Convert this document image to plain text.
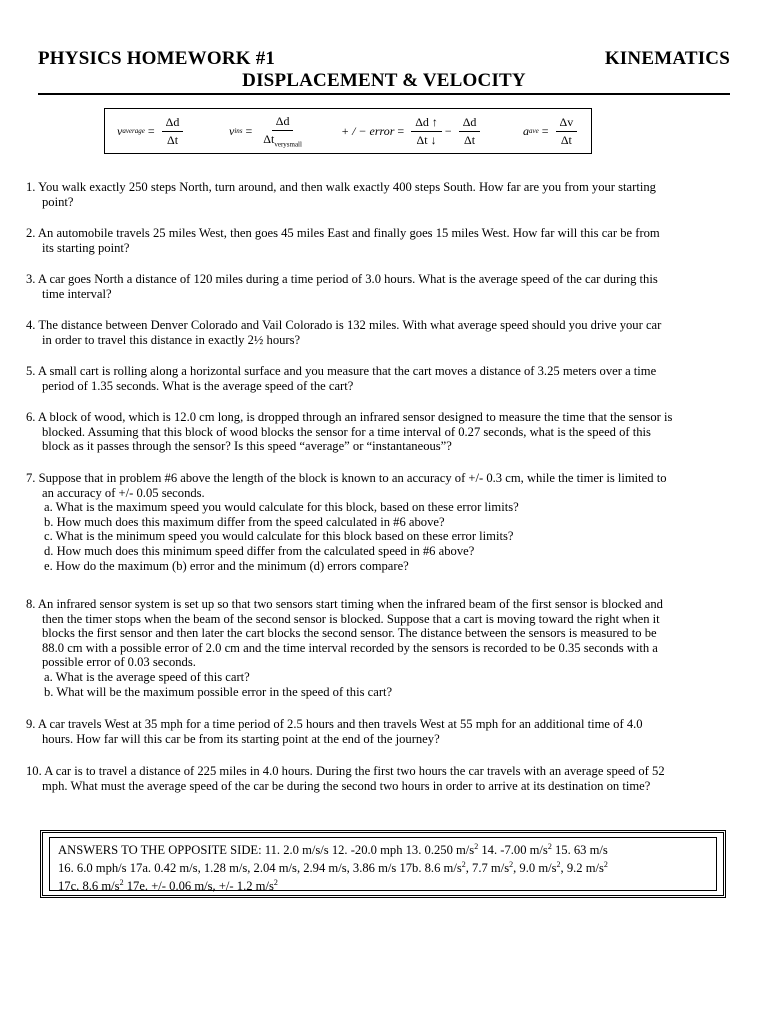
PHYSICS HOMEWORK #1	KINEMATICS
DISPLACEMENT & VELOCITY
v average = $\frac{\Delta d}{\Delta t}$	v ins = $\frac{\Delta d}{\Delta t_{verysmall}}$	+ / − error = $\frac{\Delta d ↑}{\Delta t ↓} - \frac{\Delta d}{\Delta t}$	a ave = $\frac{\Delta v}{\Delta t}$
1. You walk exactly 250 steps North, turn around, and then walk exactly 400 steps South. How far are you from your starting
point?
2. An automobile travels 25 miles West, then goes 45 miles East and finally goes 15 miles West. How far will this car be from
its starting point?
3. A car goes North a distance of 120 miles during a time period of 3.0 hours. What is the average speed of the car during this
time interval?
4. The distance between Denver Colorado and Vail Colorado is 132 miles. With what average speed should you drive your car
in order to travel this distance in exactly 2½ hours?
5. A small cart is rolling along a horizontal surface and you measure that the cart moves a distance of 3.25 meters over a time
period of 1.35 seconds. What is the average speed of the cart?
6. A block of wood, which is 12.0 cm long, is dropped through an infrared sensor designed to measure the time that the sensor is
blocked. Assuming that this block of wood blocks the sensor for a time interval of 0.27 seconds, what is the speed of this
block as it passes through the sensor? Is this speed “average” or “instantaneous”?
7. Suppose that in problem #6 above the length of the block is known to an accuracy of +/- 0.3 cm, while the timer is limited to
an accuracy of +/- 0.05 seconds.
a. What is the maximum speed you would calculate for this block, based on these error limits?
b. How much does this maximum differ from the speed calculated in #6 above?
c. What is the minimum speed you would calculate for this block based on these error limits?
d. How much does this minimum speed differ from the calculated speed in #6 above?
e. How do the maximum (b) error and the minimum (d) errors compare?
8. An infrared sensor system is set up so that two sensors start timing when the infrared beam of the first sensor is blocked and
then the timer stops when the beam of the second sensor is blocked. Suppose that a cart is moving toward the right when it
blocks the first sensor and then later the cart blocks the second sensor. The distance between the sensors is measured to be
88.0 cm with a possible error of 2.0 cm and the time interval recorded by the sensors is recorded to be 0.35 seconds with a
possible error of 0.03 seconds.
a. What is the average speed of this cart?
b. What will be the maximum possible error in the speed of this cart?
9. A car travels West at 35 mph for a time period of 2.5 hours and then travels West at 55 mph for an additional time of 4.0
hours. How far will this car be from its starting point at the end of the journey?
10. A car is to travel a distance of 225 miles in 4.0 hours. During the first two hours the car travels with an average speed of 52
mph. What must the average speed of the car be during the second two hours in order to arrive at its destination on time?
ANSWERS TO THE OPPOSITE SIDE: 11. 2.0 m/s/s 12. -20.0 mph 13. 0.250 $m/s^2$ 14. -7.00 $m/s^2$ 15. 63 m/s
16. 6.0 mph/s 17a. 0.42 m/s, 1.28 m/s, 2.04 m/s, 2.94 m/s, 3.86 m/s 17b. 8.6 $m/s^2$, 7.7 $m/s^2$, 9.0 $m/s^2$, 9.2 $m/s^2$
17c. 8.6 $m/s^2$ 17e. +/- 0.06 m/s, +/- 1.2 $m/s^2$
